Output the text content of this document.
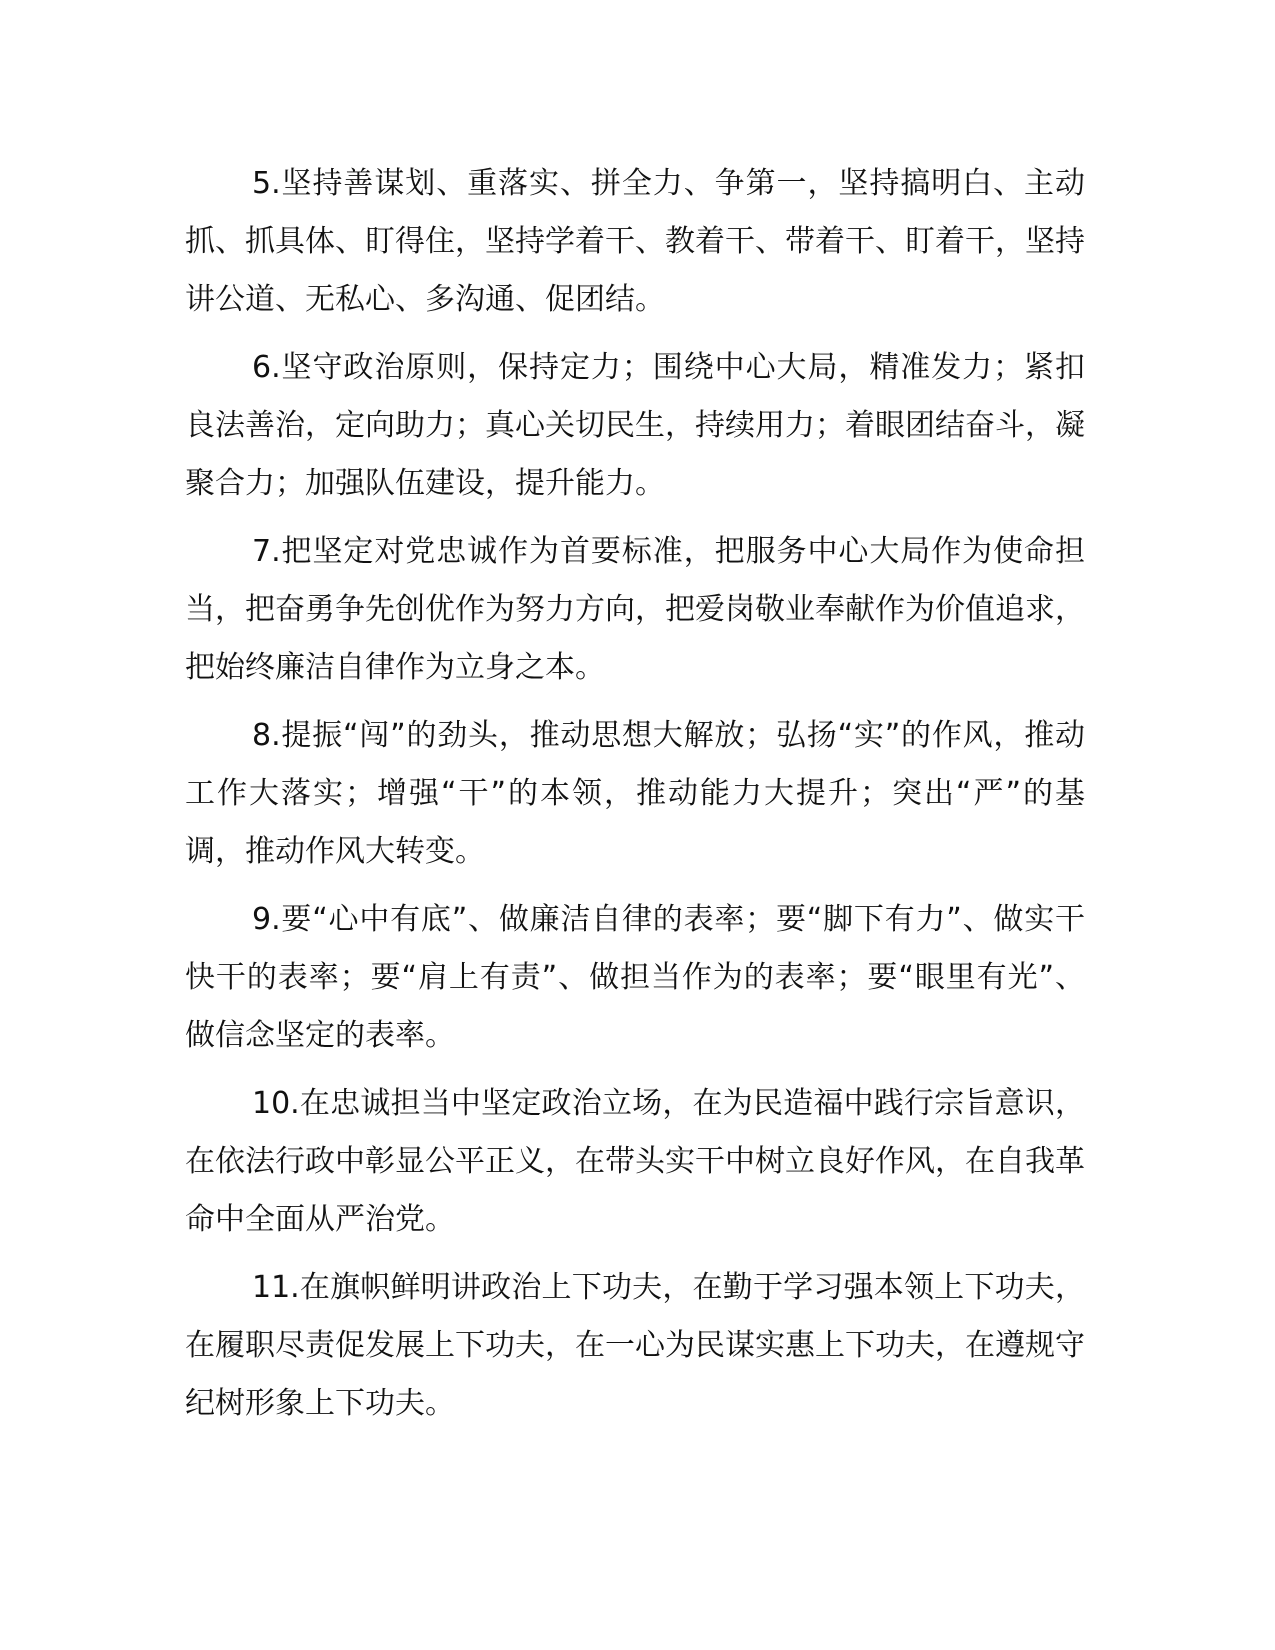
5.坚持善谋划、重落实、拼全力、争第一，坚持搞明白、主动抓、抓具体、盯得住，坚持学着干、教着干、带着干、盯着干，坚持讲公道、无私心、多沟通、促团结。

6.坚守政治原则，保持定力；围绕中心大局，精准发力；紧扣良法善治，定向助力；真心关切民生，持续用力；着眼团结奋斗，凝聚合力；加强队伍建设，提升能力。

7.把坚定对党忠诚作为首要标准，把服务中心大局作为使命担当，把奋勇争先创优作为努力方向，把爱岗敬业奉献作为价值追求，把始终廉洁自律作为立身之本。

8.提振“闯”的劲头，推动思想大解放；弘扬“实”的作风，推动工作大落实；增强“干”的本领，推动能力大提升；突出“严”的基调，推动作风大转变。

9.要“心中有底”、做廉洁自律的表率；要“脚下有力”、做实干快干的表率；要“肩上有责”、做担当作为的表率；要“眼里有光”、做信念坚定的表率。

10.在忠诚担当中坚定政治立场，在为民造福中践行宗旨意识，在依法行政中彰显公平正义，在带头实干中树立良好作风，在自我革命中全面从严治党。

11.在旗帜鲜明讲政治上下功夫，在勤于学习强本领上下功夫，在履职尽责促发展上下功夫，在一心为民谋实惠上下功夫，在遵规守纪树形象上下功夫。
